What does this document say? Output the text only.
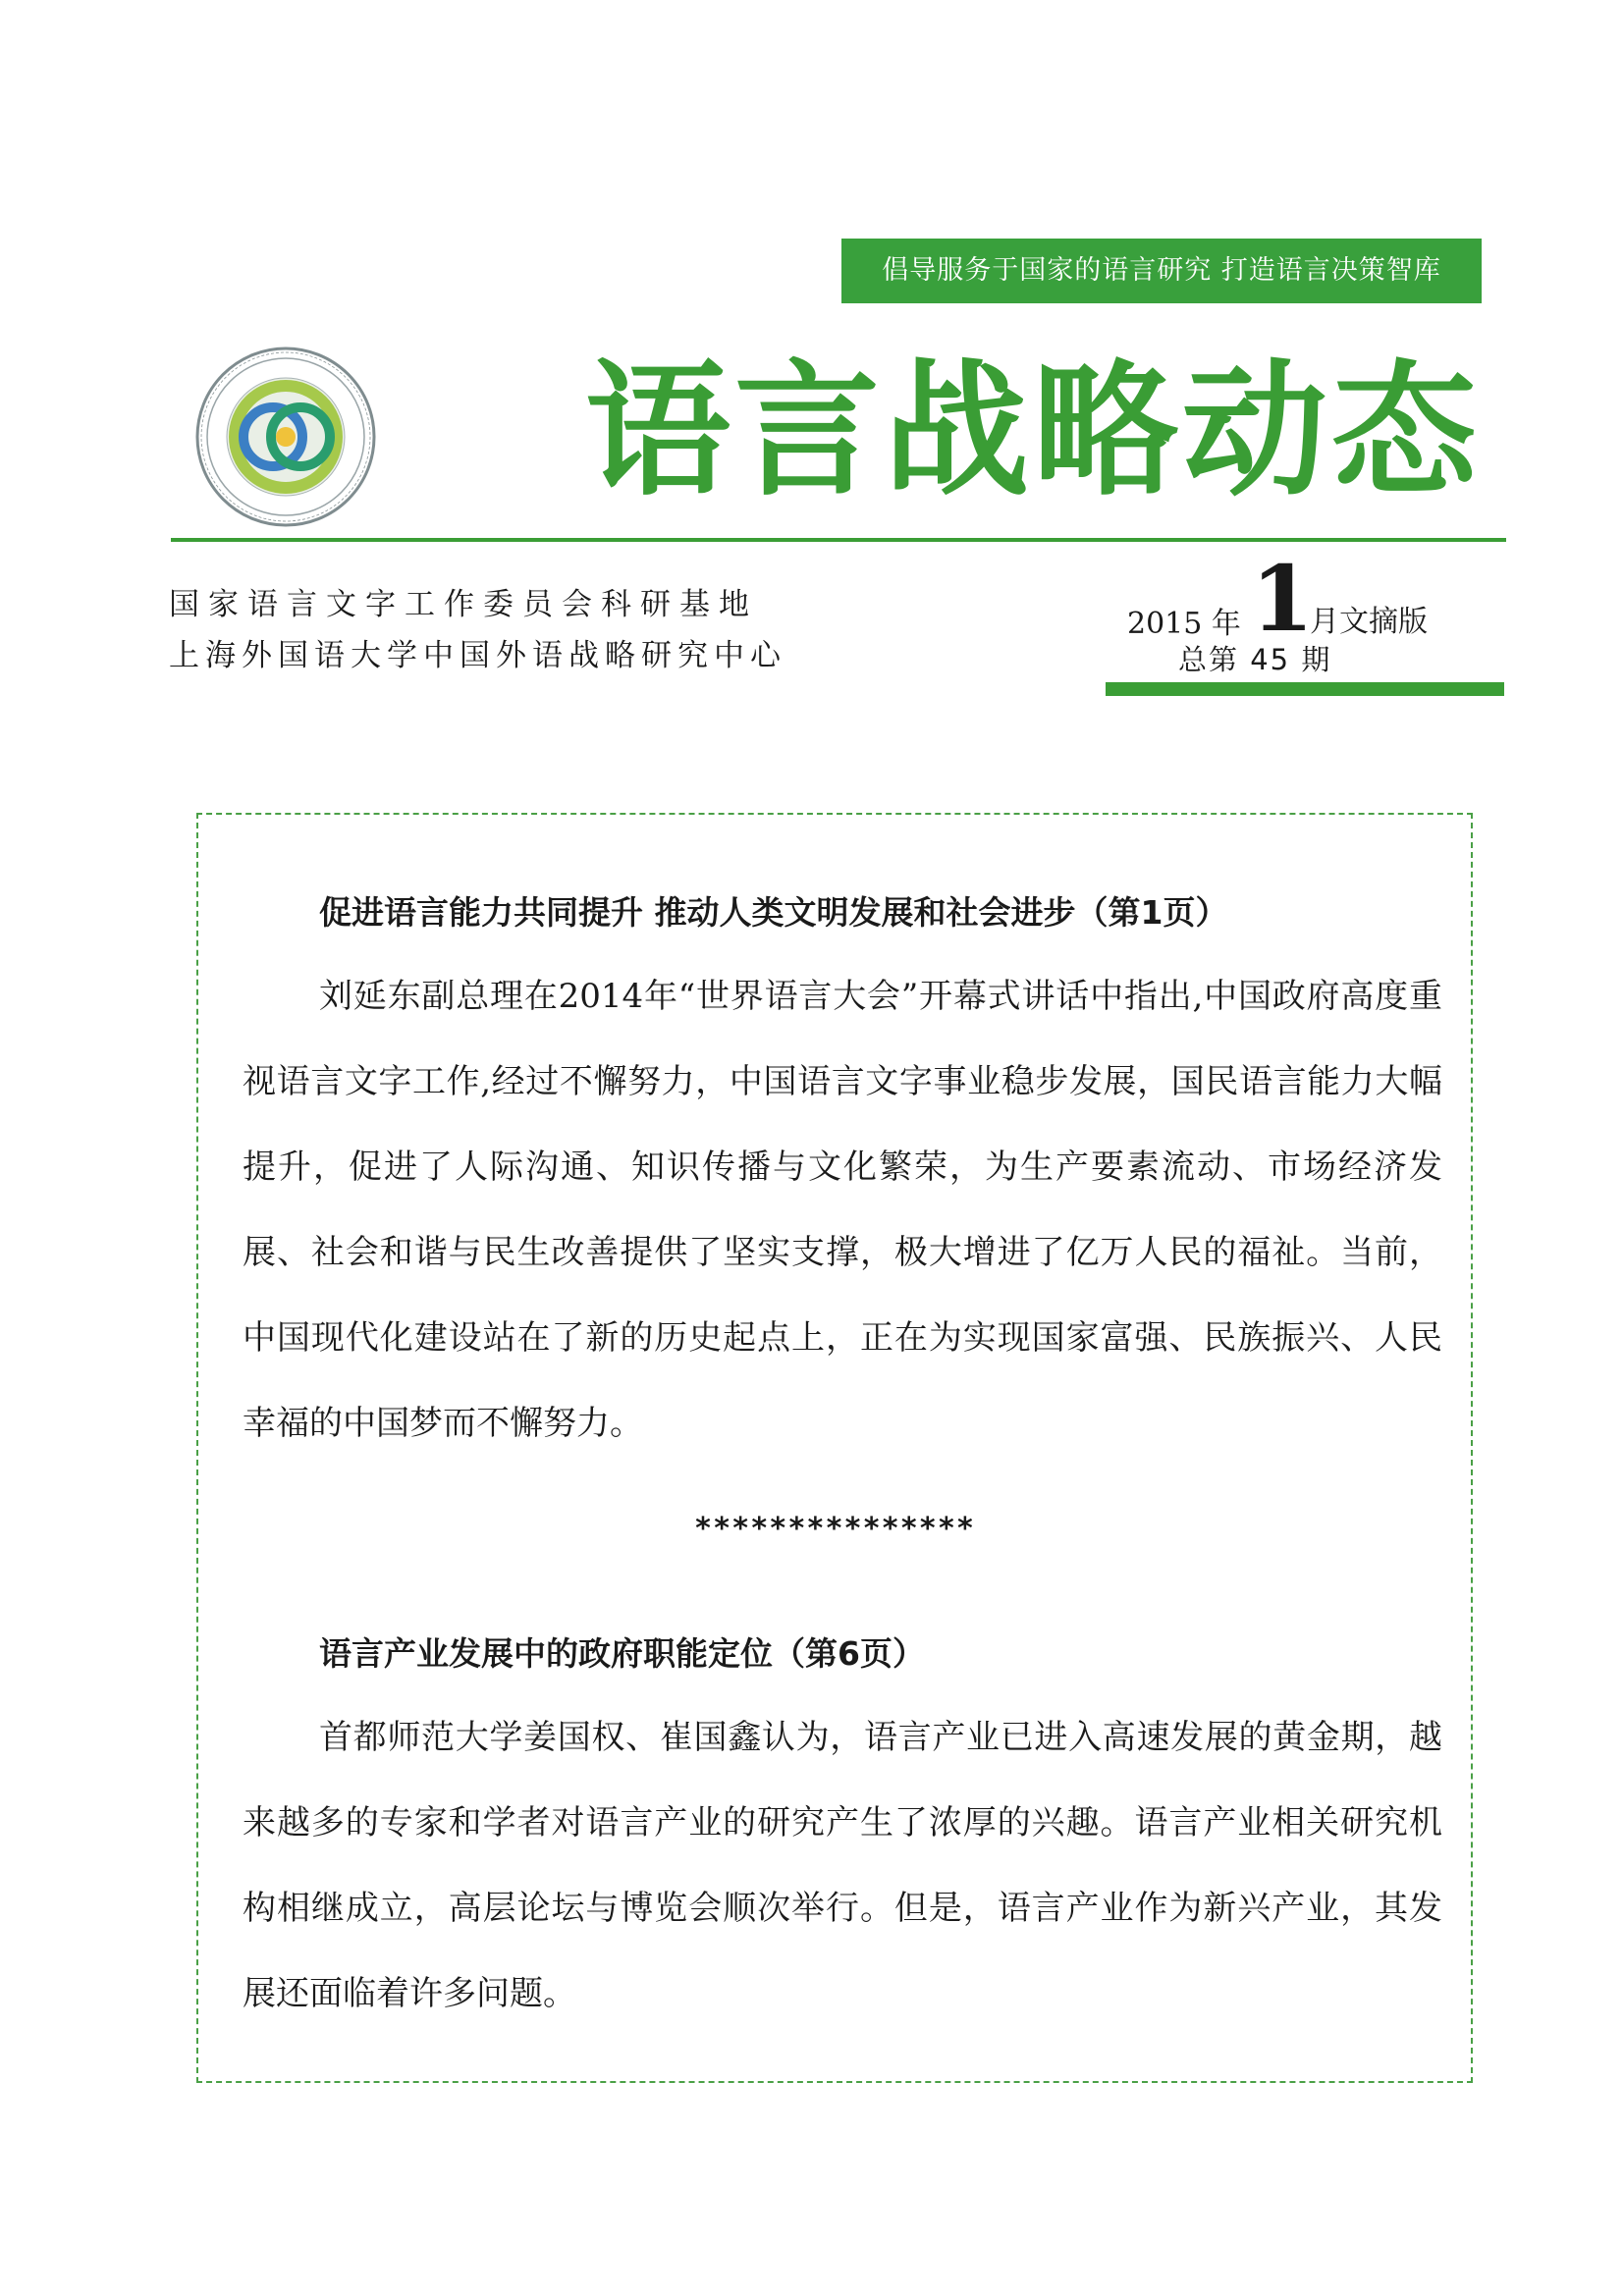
倡导服务于国家的语言研究 打造语言决策智库
语言战略动态
国家语言文字工作委员会科研基地
上海外国语大学中国外语战略研究中心
2015 年 1
月文摘版
总第 45 期
促进语言能力共同提升 推动人类文明发展和社会进步（第1页）

刘延东副总理在2014年“世界语言大会”开幕式讲话中指出,中国政府高度重视语言文字工作,经过不懈努力，中国语言文字事业稳步发展，国民语言能力大幅提升，促进了人际沟通、知识传播与文化繁荣，为生产要素流动、市场经济发展、社会和谐与民生改善提供了坚实支撑，极大增进了亿万人民的福祉。当前，中国现代化建设站在了新的历史起点上，正在为实现国家富强、民族振兴、人民幸福的中国梦而不懈努力。

***************
语言产业发展中的政府职能定位（第6页）

首都师范大学姜国权、崔国鑫认为，语言产业已进入高速发展的黄金期，越来越多的专家和学者对语言产业的研究产生了浓厚的兴趣。语言产业相关研究机构相继成立，高层论坛与博览会顺次举行。但是，语言产业作为新兴产业，其发展还面临着许多问题。
